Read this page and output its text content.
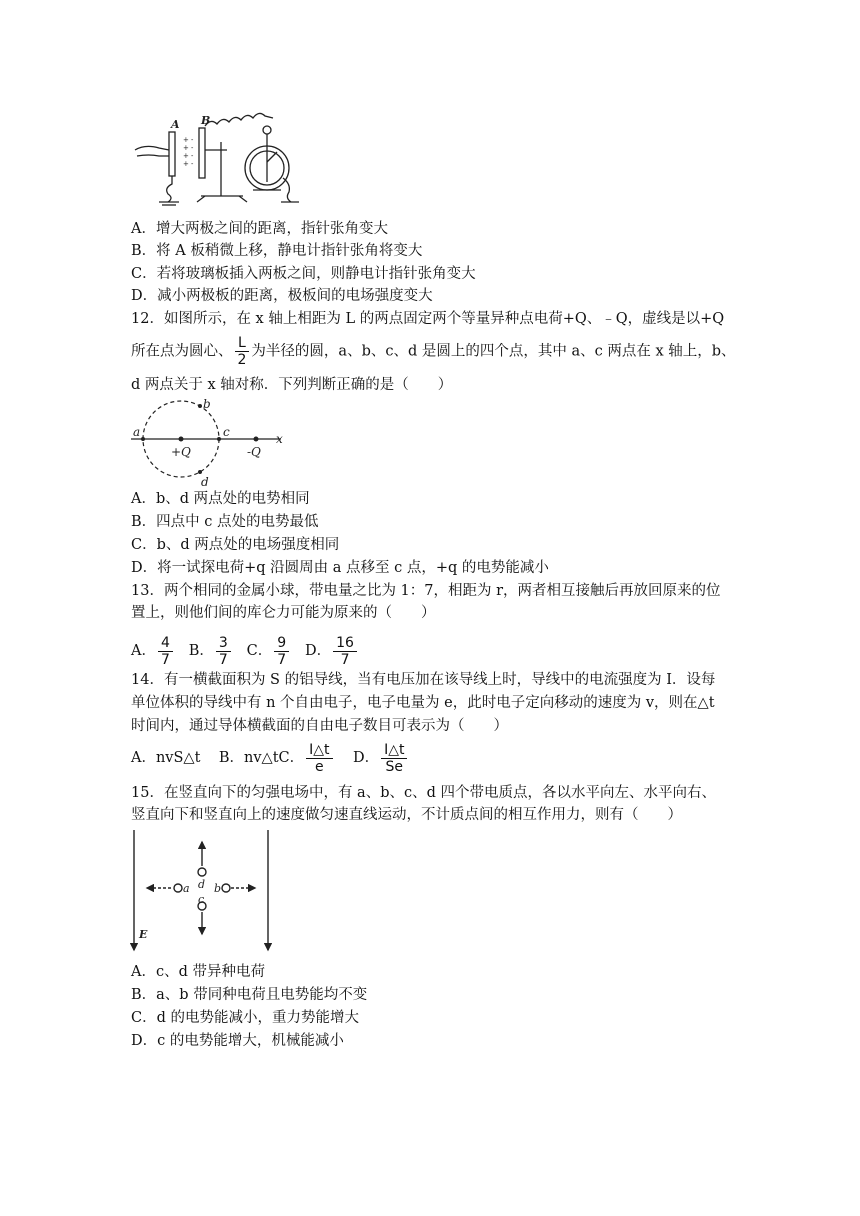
+
+
+
+
-
-
-
-
A B
A．增大两极之间的距离，指针张角变大
B．将 A 板稍微上移，静电计指针张角将变大
C．若将玻璃板插入两板之间，则静电计指针张角变大
D．减小两极板的距离，极板间的电场强度变大
12．如图所示，在 x 轴上相距为 L 的两点固定两个等量异种点电荷+Q、﹣Q，虚线是以+Q
所在点为圆心、 $\frac{L}{2}$ 为半径的圆，a、b、c、d 是圆上的四个点，其中 a、c 两点在 x 轴上，b、
d 两点关于 x 轴对称．下列判断正确的是（　　）
a
b
c
d
+Q	-Q
x
A．b、d 两点处的电势相同
B．四点中 c 点处的电势最低
C．b、d 两点处的电场强度相同
D．将一试探电荷+q 沿圆周由 a 点移至 c 点，+q 的电势能减小
13．两个相同的金属小球，带电量之比为 1：7，相距为 r，两者相互接触后再放回原来的位
置上，则他们间的库仑力可能为原来的（　　）
A． $\frac{4}{7}$ B． $\frac{3}{7}$ C． $\frac{9}{7}$ D． $\frac{16}{7}$
14．有一横截面积为 S 的铝导线，当有电压加在该导线上时，导线中的电流强度为 I．设每
单位体积的导线中有 n 个自由电子，电子电量为 e，此时电子定向移动的速度为 v，则在△t
时间内，通过导体横截面的自由电子数目可表示为（　　）
A．nvS△t B．nv△tC． $\frac{I\triangle t}{e}$ D． $\frac{I\triangle t}{Se}$
15．在竖直向下的匀强电场中，有 a、b、c、d 四个带电质点，各以水平向左、水平向右、
竖直向下和竖直向上的速度做匀速直线运动，不计质点间的相互作用力，则有（　　）
a b
c
d
E
A．c、d 带异种电荷
B．a、b 带同种电荷且电势能均不变
C．d 的电势能减小，重力势能增大
D．c 的电势能增大，机械能减小
